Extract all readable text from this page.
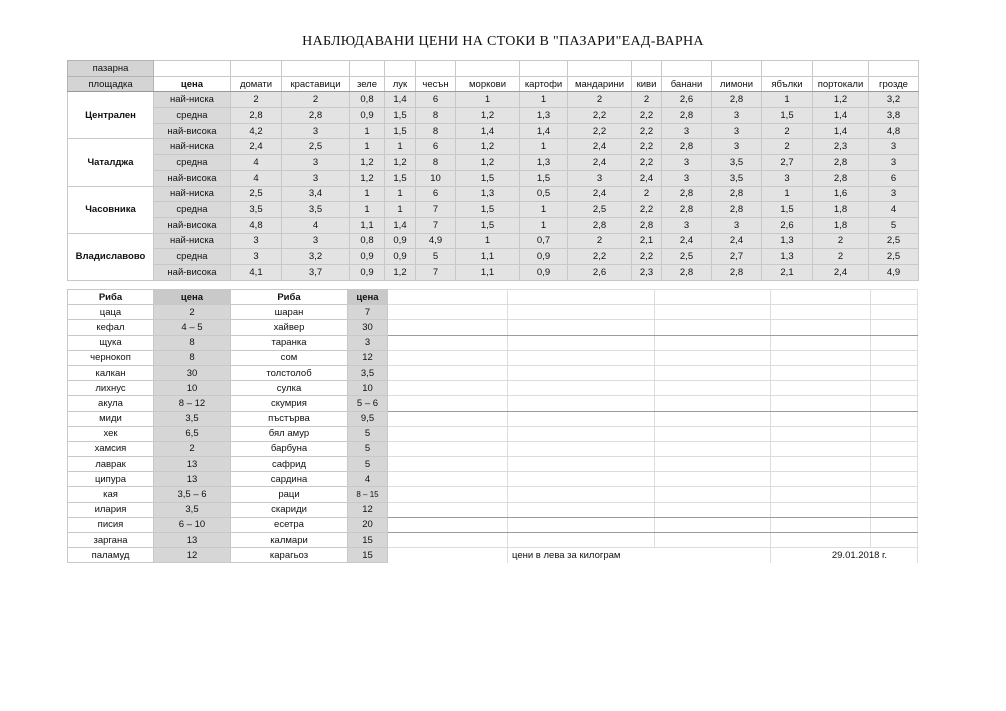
НАБЛЮДАВАНИ ЦЕНИ НА СТОКИ В "ПАЗАРИ"ЕАД-ВАРНА
пазарна															
площадка	цена	домати	краставици	зеле	лук	чесън	моркови	картофи	мандарини	киви	банани	лимони	ябълки	портокали	грозде
Централен	най-ниска	2	2	0,8	1,4	6	1	1	2	2	2,6	2,8	1	1,2	3,2
	средна	2,8	2,8	0,9	1,5	8	1,2	1,3	2,2	2,2	2,8	3	1,5	1,4	3,8
	най-висока	4,2	3	1	1,5	8	1,4	1,4	2,2	2,2	3	3	2	1,4	4,8
Чаталджа	най-ниска	2,4	2,5	1	1	6	1,2	1	2,4	2,2	2,8	3	2	2,3	3
	средна	4	3	1,2	1,2	8	1,2	1,3	2,4	2,2	3	3,5	2,7	2,8	3
	най-висока	4	3	1,2	1,5	10	1,5	1,5	3	2,4	3	3,5	3	2,8	6
Часовника	най-ниска	2,5	3,4	1	1	6	1,3	0,5	2,4	2	2,8	2,8	1	1,6	3
	средна	3,5	3,5	1	1	7	1,5	1	2,5	2,2	2,8	2,8	1,5	1,8	4
	най-висока	4,8	4	1,1	1,4	7	1,5	1	2,8	2,8	3	3	2,6	1,8	5
Владиславово	най-ниска	3	3	0,8	0,9	4,9	1	0,7	2	2,1	2,4	2,4	1,3	2	2,5
	средна	3	3,2	0,9	0,9	5	1,1	0,9	2,2	2,2	2,5	2,7	1,3	2	2,5
	най-висока	4,1	3,7	0,9	1,2	7	1,1	0,9	2,6	2,3	2,8	2,8	2,1	2,4	4,9
Риба	цена	Риба	цена					
цаца	2	шаран	7					
кефал	4 – 5	хайвер	30					
щука	8	таранка	3					
чернокоп	8	сом	12					
калкан	30	толстолоб	3,5					
лихнус	10	сулка	10					
акула	8 – 12	скумрия	5 – 6					
миди	3,5	пъстърва	9,5					
хек	6,5	бял амур	5					
хамсия	2	барбуна	5					
лаврак	13	сафрид	5					
ципура	13	сардина	4					
кая	3,5 – 6	раци	8 – 15					
илария	3,5	скариди	12					
писия	6 – 10	есетра	20					
заргана	13	калмари	15					
паламуд	12	карагьоз	15		цени в лева за килограм		29.01.2018 г.	
